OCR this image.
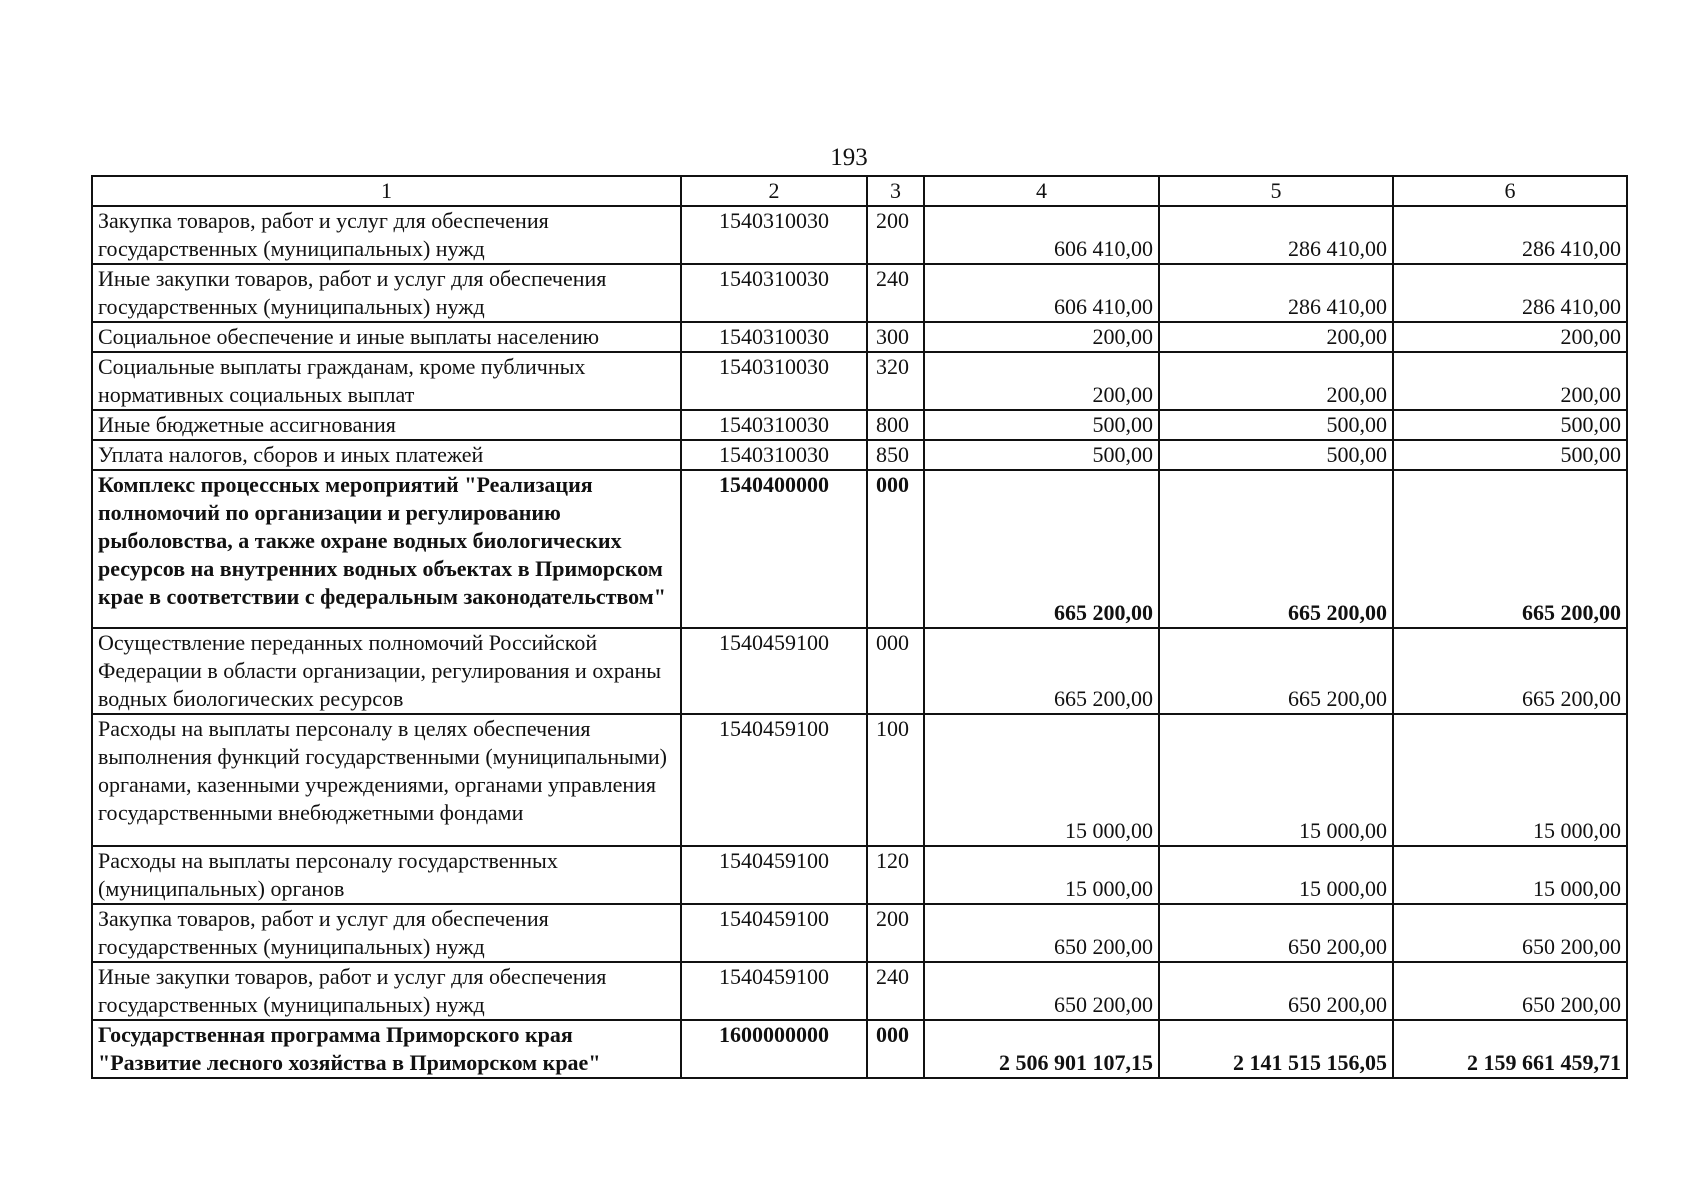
193
1	2	3	4	5	6
Закупка товаров, работ и услуг для обеспечения государственных (муниципальных) нужд	1540310030	200	606 410,00	286 410,00	286 410,00
Иные закупки товаров, работ и услуг для обеспечения государственных (муниципальных) нужд	1540310030	240	606 410,00	286 410,00	286 410,00
Социальное обеспечение и иные выплаты населению	1540310030	300	200,00	200,00	200,00
Социальные выплаты гражданам, кроме публичных нормативных социальных выплат	1540310030	320	200,00	200,00	200,00
Иные бюджетные ассигнования	1540310030	800	500,00	500,00	500,00
Уплата налогов, сборов и иных платежей	1540310030	850	500,00	500,00	500,00
Комплекс процессных мероприятий "Реализация полномочий по организации и регулированию рыболовства, а также охране водных биологических ресурсов на внутренних водных объектах в Приморском крае в соответствии с федеральным законодательством"	1540400000	000	665 200,00	665 200,00	665 200,00
Осуществление переданных полномочий Российской Федерации в области организации, регулирования и охраны водных биологических ресурсов	1540459100	000	665 200,00	665 200,00	665 200,00
Расходы на выплаты персоналу в целях обеспечения выполнения функций государственными (муниципальными) органами, казенными учреждениями, органами управления государственными внебюджетными фондами	1540459100	100	15 000,00	15 000,00	15 000,00
Расходы на выплаты персоналу государственных (муниципальных) органов	1540459100	120	15 000,00	15 000,00	15 000,00
Закупка товаров, работ и услуг для обеспечения государственных (муниципальных) нужд	1540459100	200	650 200,00	650 200,00	650 200,00
Иные закупки товаров, работ и услуг для обеспечения государственных (муниципальных) нужд	1540459100	240	650 200,00	650 200,00	650 200,00
Государственная программа Приморского края "Развитие лесного хозяйства в Приморском крае"	1600000000	000	2 506 901 107,15	2 141 515 156,05	2 159 661 459,71
